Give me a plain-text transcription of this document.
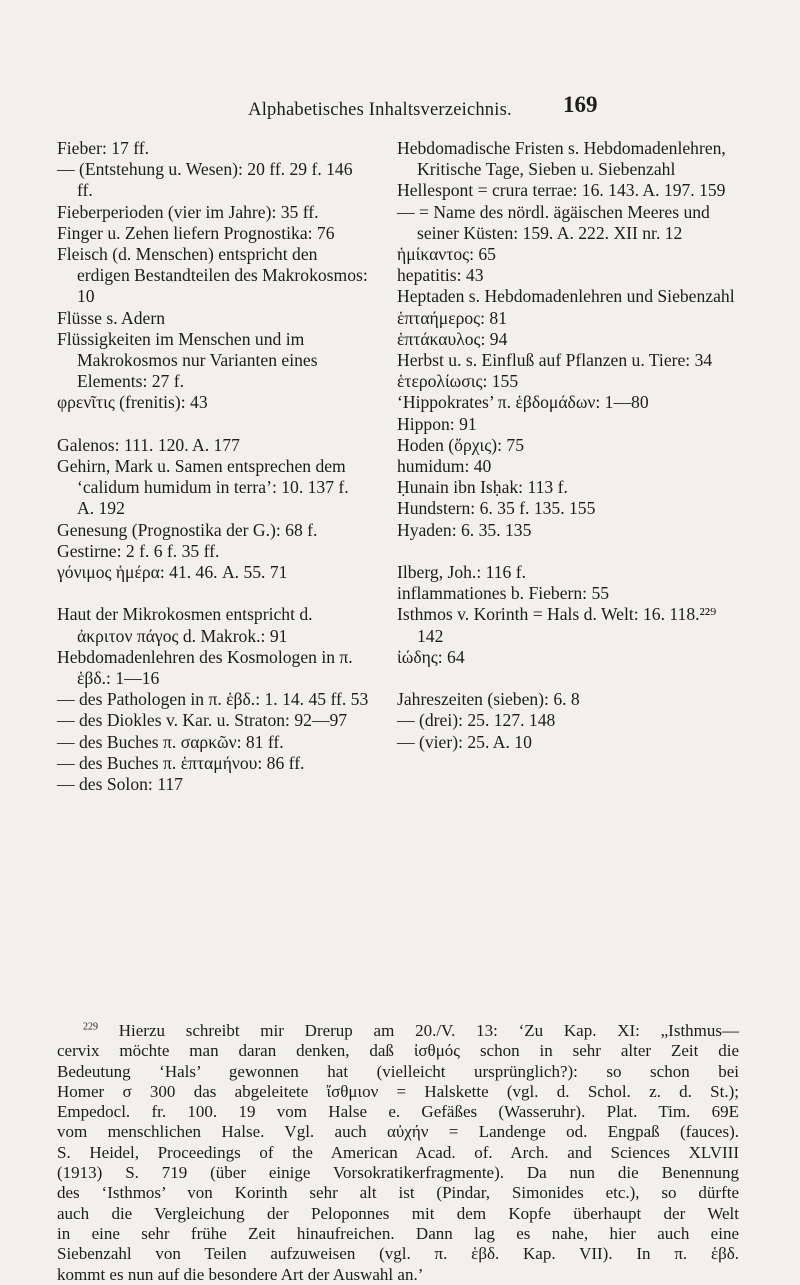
Alphabetisches Inhaltsverzeichnis.	169
Fieber: 17 ff.
— (Entstehung u. Wesen): 20 ff. 29 f. 146 ff.
Fieberperioden (vier im Jahre): 35 ff.
Finger u. Zehen liefern Prognostika: 76
Fleisch (d. Menschen) entspricht den erdigen Bestandteilen des Makrokosmos: 10
Flüsse s. Adern
Flüssigkeiten im Menschen und im Makrokosmos nur Varianten eines Elements: 27 f.
φρενῖτις (frenitis): 43
Galenos: 111. 120. A. 177
Gehirn, Mark u. Samen entsprechen dem ‘calidum humidum in terra’: 10. 137 f. A. 192
Genesung (Prognostika der G.): 68 f.
Gestirne: 2 f. 6 f. 35 ff.
γόνιμος ἡμέρα: 41. 46. A. 55. 71
Haut der Mikrokosmen entspricht d. ἀκριτον πάγος d. Makrok.: 91
Hebdomadenlehren des Kosmologen in π. ἑβδ.: 1—16
— des Pathologen in π. ἑβδ.: 1. 14. 45 ff. 53
— des Diokles v. Kar. u. Straton: 92—97
— des Buches π. σαρκῶν: 81 ff.
— des Buches π. ἑπταμήνου: 86 ff.
— des Solon: 117
Hebdomadische Fristen s. Hebdomadenlehren, Kritische Tage, Sieben u. Siebenzahl
Hellespont = crura terrae: 16. 143. A. 197. 159
— = Name des nördl. ägäischen Meeres und seiner Küsten: 159. A. 222. XII nr. 12
ἡμίκαντος: 65
hepatitis: 43
Heptaden s. Hebdomadenlehren und Siebenzahl
ἑπταήμερος: 81
ἑπτάκαυλος: 94
Herbst u. s. Einfluß auf Pflanzen u. Tiere: 34
ἑτερολίωσις: 155
‘Hippokrates’ π. ἑβδομάδων: 1—80
Hippon: 91
Hoden (ὄρχις): 75
humidum: 40
Ḥunain ibn Isḥak: 113 f.
Hundstern: 6. 35 f. 135. 155
Hyaden: 6. 35. 135
Ilberg, Joh.: 116 f.
inflammationes b. Fiebern: 55
Isthmos v. Korinth = Hals d. Welt: 16. 118.²²⁹ 142
ἰώδης: 64
Jahreszeiten (sieben): 6. 8
— (drei): 25. 127. 148
— (vier): 25. A. 10
$^{229}$ Hierzu schreibt mir Drerup am 20./V. 13: ‘Zu Kap. XI: „Isthmus—
cervix möchte man daran denken, daß ἰσθμός schon in sehr alter Zeit die
Bedeutung ‘Hals’ gewonnen hat (vielleicht ursprünglich?): so schon bei
Homer σ 300 das abgeleitete ἴσθμιον = Halskette (vgl. d. Schol. z. d. St.);
Empedocl. fr. 100. 19 vom Halse e. Gefäßes (Wasseruhr). Plat. Tim. 69E
vom menschlichen Halse. Vgl. auch αὐχήν = Landenge od. Engpaß (fauces).
S. Heidel, Proceedings of the American Acad. of. Arch. and Sciences XLVIII
(1913) S. 719 (über einige Vorsokratikerfragmente). Da nun die Benennung
des ‘Isthmos’ von Korinth sehr alt ist (Pindar, Simonides etc.), so dürfte
auch die Vergleichung der Peloponnes mit dem Kopfe überhaupt der Welt
in eine sehr frühe Zeit hinaufreichen. Dann lag es nahe, hier auch eine
Siebenzahl von Teilen aufzuweisen (vgl. π. ἑβδ. Kap. VII). In π. ἑβδ.
kommt es nun auf die besondere Art der Auswahl an.’
